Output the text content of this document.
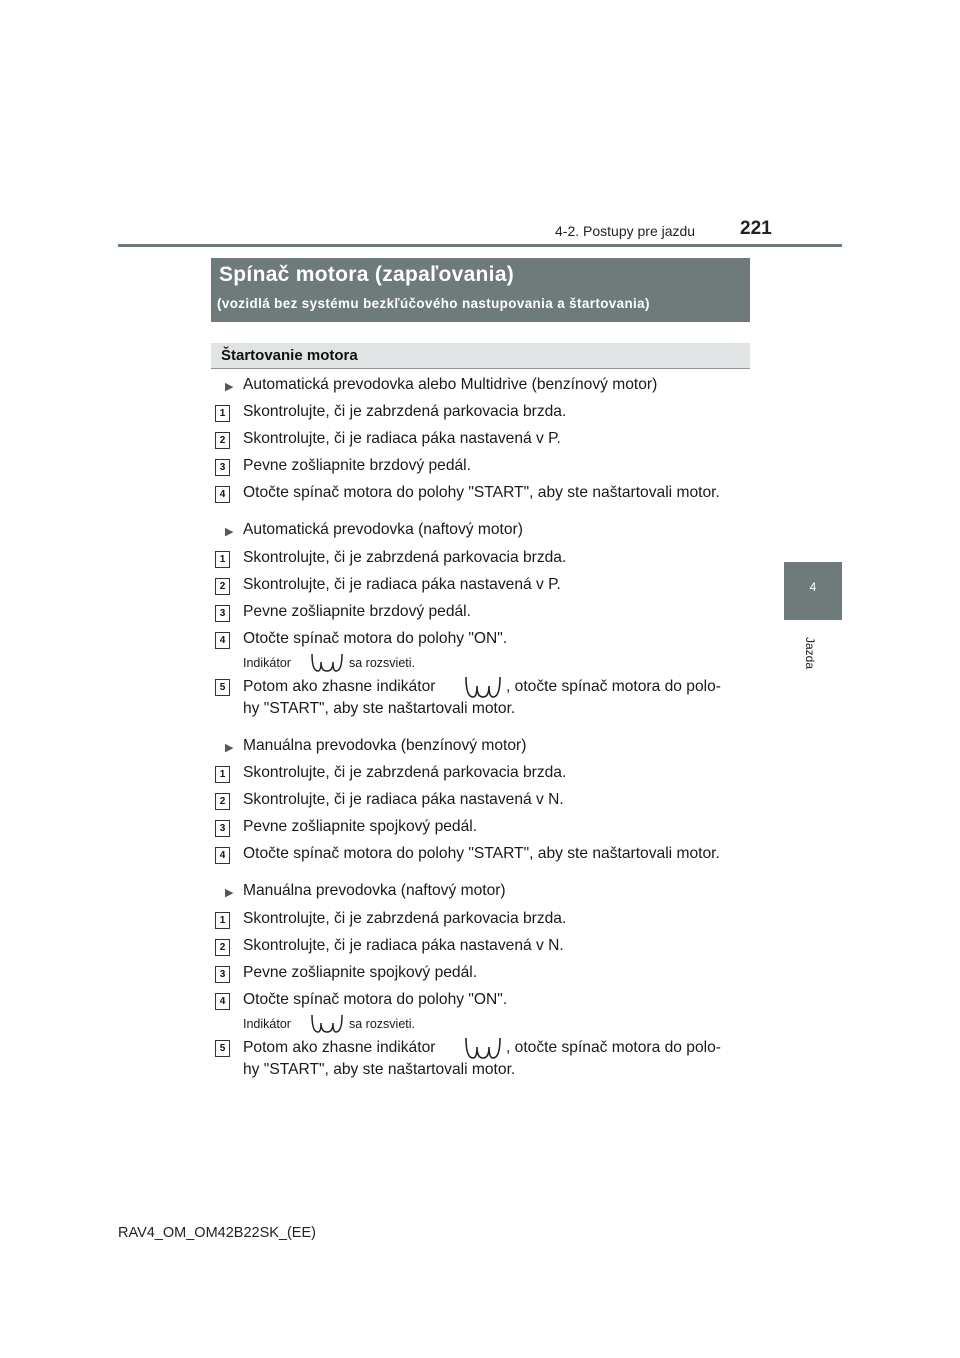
4-2. Postupy pre jazdu 221
4
Jazda
Spínač motora (zapaľovania)
(vozidlá bez systému bezkľúčového nastupovania a štartovania)
Štartovanie motora
▶ Automatická prevodovka alebo Multidrive (benzínový motor)
1	Skontrolujte, či je zabrzdená parkovacia brzda.
2	Skontrolujte, či je radiaca páka nastavená v P.
3	Pevne zošliapnite brzdový pedál.
4	Otočte spínač motora do polohy "START", aby ste naštartovali motor.
▶ Automatická prevodovka (naftový motor)
1	Skontrolujte, či je zabrzdená parkovacia brzda.
2	Skontrolujte, či je radiaca páka nastavená v P.
3	Pevne zošliapnite brzdový pedál.
4	Otočte spínač motora do polohy "ON".
Indikátor	sa rozsvieti.
5	Potom ako zhasne indikátor	, otočte spínač motora do polo-
hy "START", aby ste naštartovali motor.
▶ Manuálna prevodovka (benzínový motor)
1	Skontrolujte, či je zabrzdená parkovacia brzda.
2	Skontrolujte, či je radiaca páka nastavená v N.
3	Pevne zošliapnite spojkový pedál.
4	Otočte spínač motora do polohy "START", aby ste naštartovali motor.
▶ Manuálna prevodovka (naftový motor)
1	Skontrolujte, či je zabrzdená parkovacia brzda.
2	Skontrolujte, či je radiaca páka nastavená v N.
3	Pevne zošliapnite spojkový pedál.
4	Otočte spínač motora do polohy "ON".
Indikátor	sa rozsvieti.
5	Potom ako zhasne indikátor	, otočte spínač motora do polo-
hy "START", aby ste naštartovali motor.
RAV4_OM_OM42B22SK_(EE)
